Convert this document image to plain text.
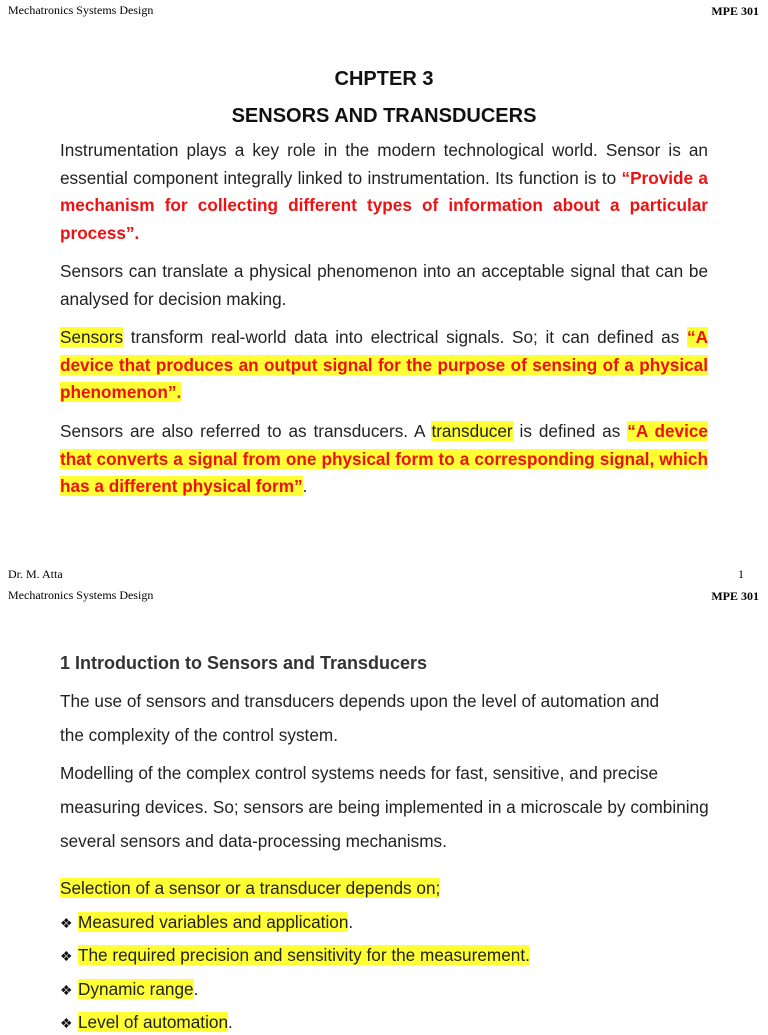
Mechatronics Systems Design	MPE 301
CHPTER 3
SENSORS AND TRANSDUCERS
Instrumentation plays a key role in the modern technological world. Sensor is an essential component integrally linked to instrumentation. Its function is to “Provide a mechanism for collecting different types of information about a particular process”.
Sensors can translate a physical phenomenon into an acceptable signal that can be analysed for decision making.
Sensors transform real-world data into electrical signals. So; it can defined as “A device that produces an output signal for the purpose of sensing of a physical phenomenon”.
Sensors are also referred to as transducers. A transducer is defined as “A device that converts a signal from one physical form to a corresponding signal, which has a different physical form”.
Dr. M. Atta	1
Mechatronics Systems Design	MPE 301
1 Introduction to Sensors and Transducers
The use of sensors and transducers depends upon the level of automation and the complexity of the control system.
Modelling of the complex control systems needs for fast, sensitive, and precise measuring devices. So; sensors are being implemented in a microscale by combining several sensors and data-processing mechanisms.
Selection of a sensor or a transducer depends on;
❖ Measured variables and application.
❖ The required precision and sensitivity for the measurement.
❖ Dynamic range.
❖ Level of automation.
